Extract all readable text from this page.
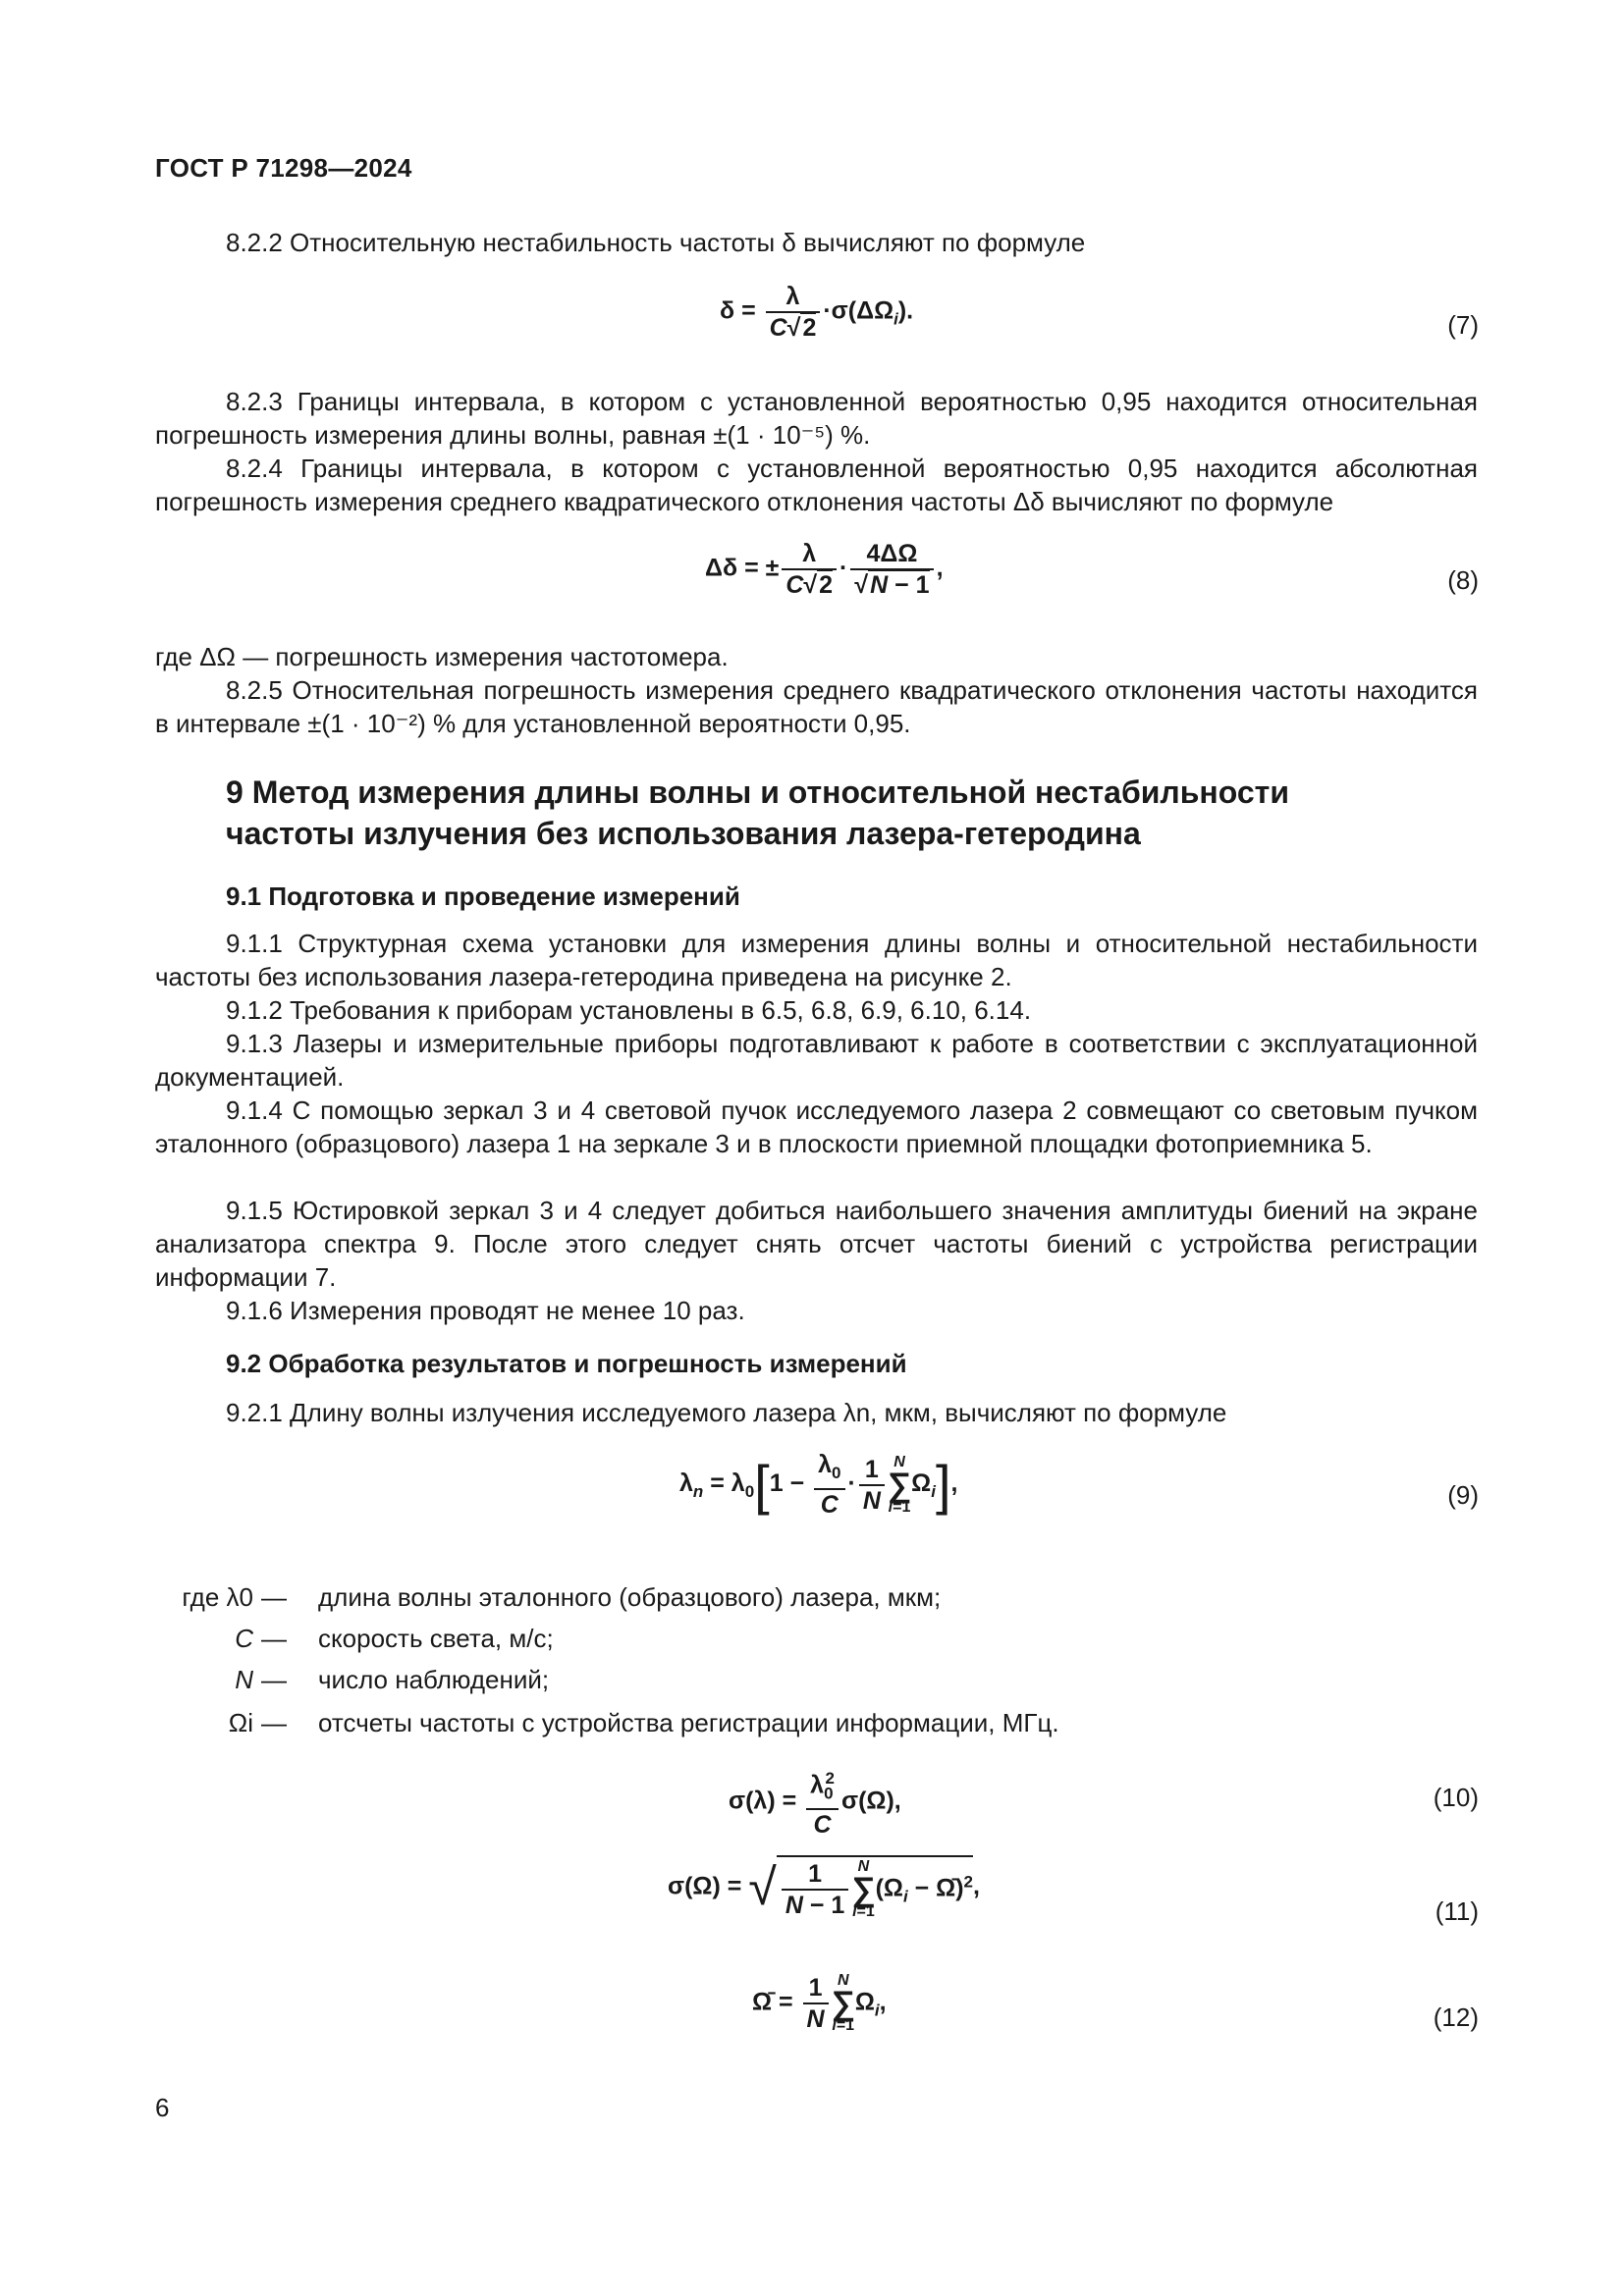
ГОСТ Р 71298—2024

8.2.2 Относительную нестабильность частоты δ вычисляют по формуле

$\delta = \frac{\lambda}{C√2} \cdot\sigma(\Delta\Omega_i)$.	(7)

8.2.3 Границы интервала, в котором с установленной вероятностью 0,95 находится относительная погрешность измерения длины волны, равная ±(1 · 10⁻⁵) %.

8.2.4 Границы интервала, в котором с установленной вероятностью 0,95 находится абсолютная погрешность измерения среднего квадратического отклонения частоты Δδ вычисляют по формуле

Δδ = ± $\frac{\lambda}{C√2} \cdot \frac{4\Delta\Omega}{√N - 1}$ ,	(8)

где ΔΩ — погрешность измерения частотомера.

8.2.5 Относительная погрешность измерения среднего квадратического отклонения частоты находится в интервале ±(1 · 10⁻²) % для установленной вероятности 0,95.

9 Метод измерения длины волны и относительной нестабильности
частоты излучения без использования лазера-гетеродина
9.1 Подготовка и проведение измерений

9.1.1 Структурная схема установки для измерения длины волны и относительной нестабильности частоты без использования лазера-гетеродина приведена на рисунке 2.

9.1.2 Требования к приборам установлены в 6.5, 6.8, 6.9, 6.10, 6.14.

9.1.3 Лазеры и измерительные приборы подготавливают к работе в соответствии с эксплуатационной документацией.

9.1.4 С помощью зеркал 3 и 4 световой пучок исследуемого лазера 2 совмещают со световым пучком эталонного (образцового) лазера 1 на зеркале 3 и в плоскости приемной площадки фотоприемника 5.

9.1.5 Юстировкой зеркал 3 и 4 следует добиться наибольшего значения амплитуды биений на экране анализатора спектра 9. После этого следует снять отсчет частоты биений с устройства регистрации информации 7.

9.1.6 Измерения проводят не менее 10 раз.

9.2 Обработка результатов и погрешность измерений

9.2.1 Длину волны излучения исследуемого лазера λn, мкм, вычисляют по формуле

$\lambda_n = \lambda_0[1 - \frac{\lambda_0}{C} \cdot \frac{1}{N}$ N
∑
i=1
$\Omega_i$],	(9)
где λ0 — длина волны эталонного (образцового) лазера, мкм;
C — скорость света, м/с;
N — число наблюдений;
Ωi — отсчеты частоты с устройства регистрации информации, МГц.
$\sigma(\lambda) = \frac{\lambda_0^2}{C} \sigma(\Omega)$,	(10)
σ(Ω) = √ $\frac{1}{N - 1}$ N
∑
i=1
($\Omega_i$ − Ω̄)$^2$,
(11)
Ω̄ = $\frac{1}{N}$ N
∑
i=1
$\Omega_i$,
(12)
6
